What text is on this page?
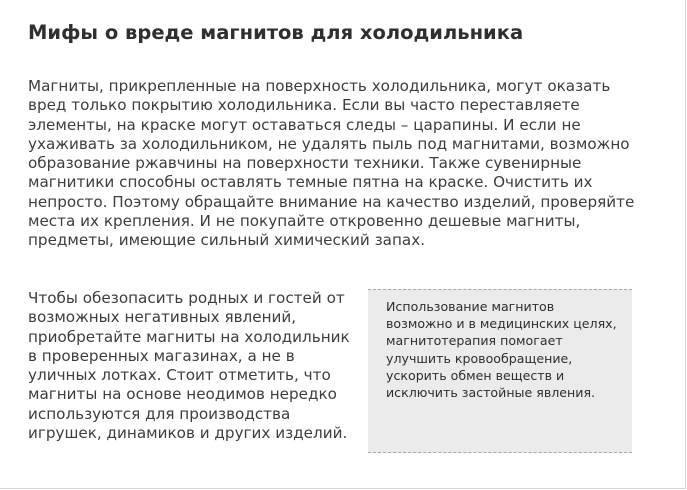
Мифы о вреде магнитов для холодильника

Магниты, прикрепленные на поверхность холодильника, могут оказать вред только покрытию холодильника. Если вы часто переставляете элементы, на краске могут оставаться следы – царапины. И если не ухаживать за холодильником, не удалять пыль под магнитами, возможно образование ржавчины на поверхности техники. Также сувенирные магнитики способны оставлять темные пятна на краске. Очистить их непросто. Поэтому обращайте внимание на качество изделий, проверяйте места их крепления. И не покупайте откровенно дешевые магниты, предметы, имеющие сильный химический запах.

Использование магнитов возможно и в медицинских целях, магнитотерапия помогает улучшить кровообращение, ускорить обмен веществ и исключить застойные явления.
Чтобы обезопасить родных и гостей от возможных негативных явлений, приобретайте магниты на холодильник в проверенных магазинах, а не в уличных лотках. Стоит отметить, что магниты на основе неодимов нередко используются для производства игрушек, динамиков и других изделий.
